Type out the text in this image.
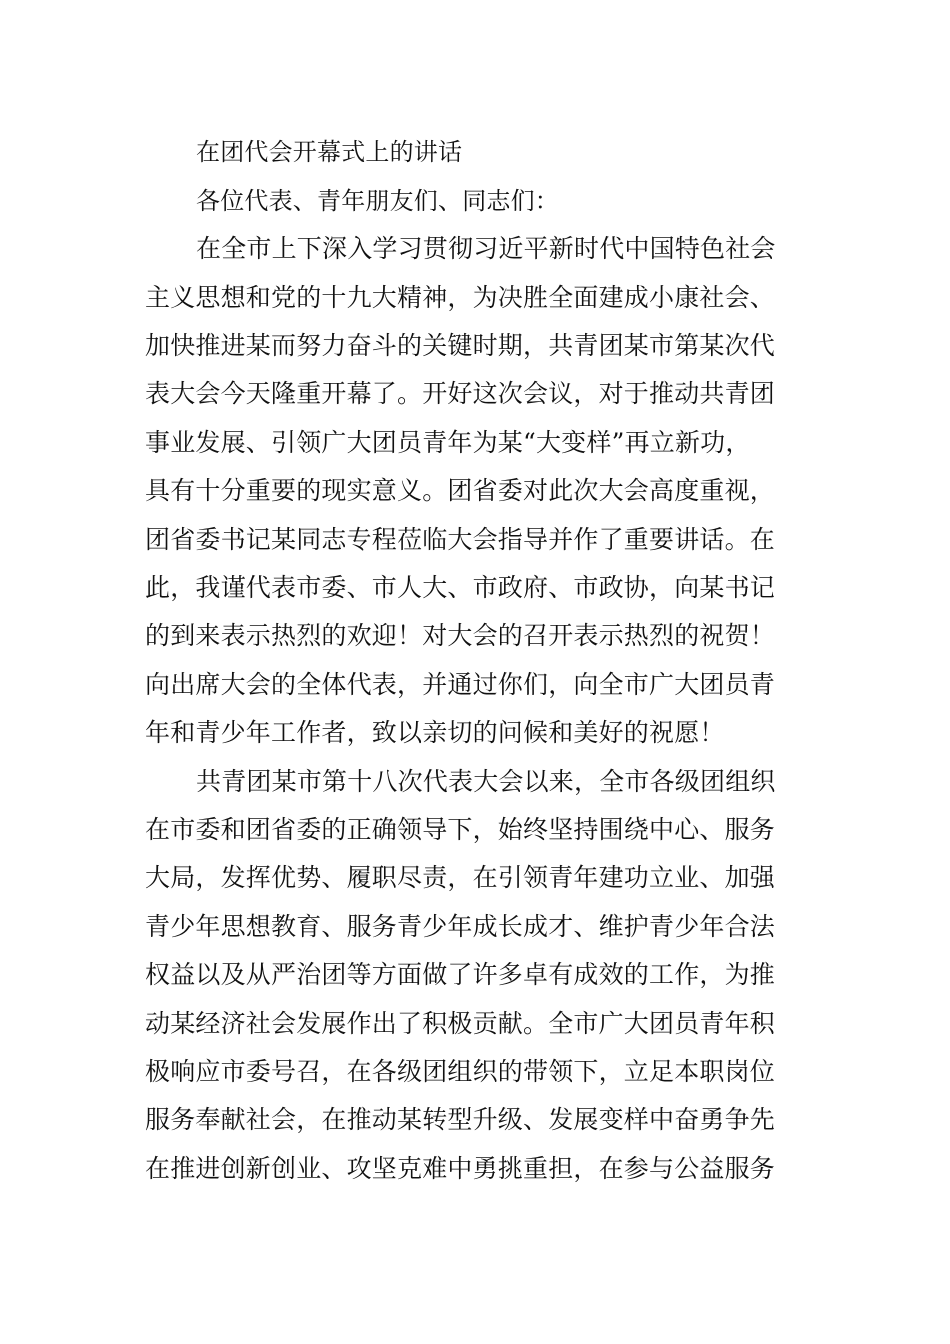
在团代会开幕式上的讲话
各位代表、青年朋友们、同志们：
在全市上下深入学习贯彻习近平新时代中国特色社会
主义思想和党的十九大精神，为决胜全面建成小康社会、
加快推进某而努力奋斗的关键时期，共青团某市第某次代
表大会今天隆重开幕了。开好这次会议，对于推动共青团
事业发展、引领广大团员青年为某“大变样”再立新功，
具有十分重要的现实意义。团省委对此次大会高度重视，
团省委书记某同志专程莅临大会指导并作了重要讲话。在
此，我谨代表市委、市人大、市政府、市政协，向某书记
的到来表示热烈的欢迎！对大会的召开表示热烈的祝贺！
向出席大会的全体代表，并通过你们，向全市广大团员青
年和青少年工作者，致以亲切的问候和美好的祝愿！
共青团某市第十八次代表大会以来，全市各级团组织
在市委和团省委的正确领导下，始终坚持围绕中心、服务
大局，发挥优势、履职尽责，在引领青年建功立业、加强
青少年思想教育、服务青少年成长成才、维护青少年合法
权益以及从严治团等方面做了许多卓有成效的工作，为推
动某经济社会发展作出了积极贡献。全市广大团员青年积
极响应市委号召，在各级团组织的带领下，立足本职岗位
服务奉献社会，在推动某转型升级、发展变样中奋勇争先
在推进创新创业、攻坚克难中勇挑重担，在参与公益服务
